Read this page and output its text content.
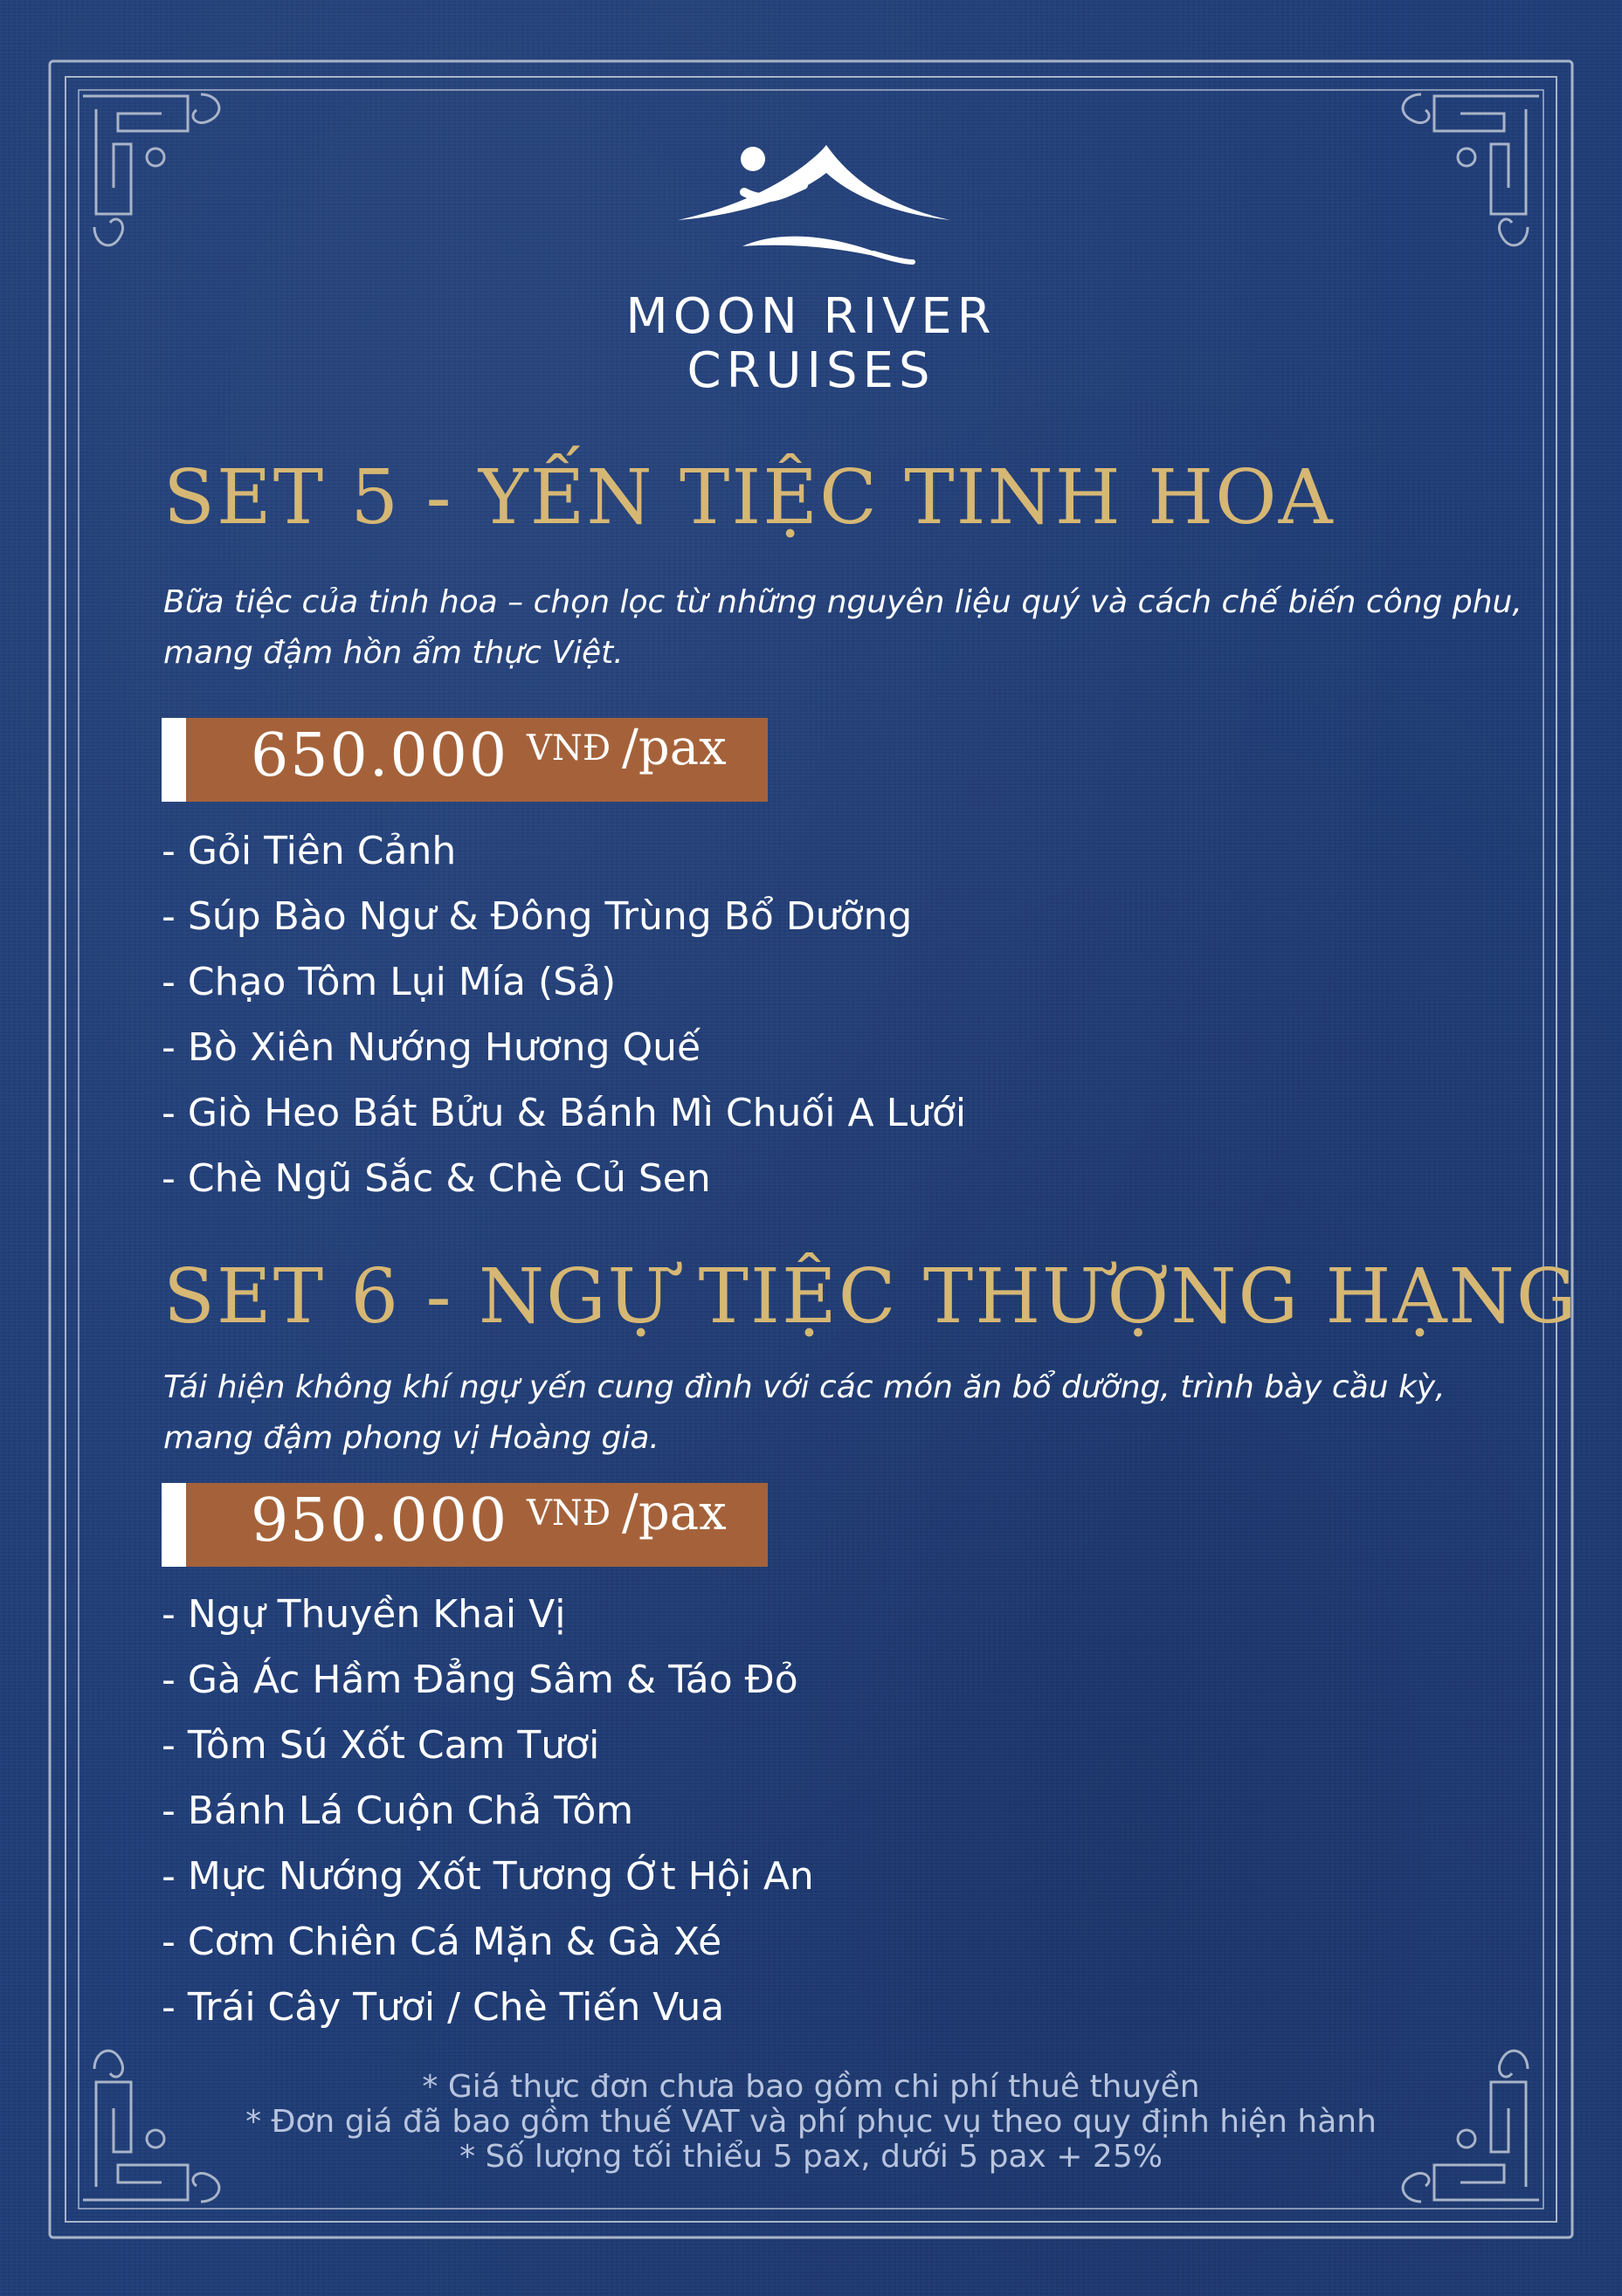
MOON RIVER
CRUISES
SET 5 - YẾN TIỆC TINH HOA

Bữa tiệc của tinh hoa – chọn lọc từ những nguyên liệu quý và cách chế biến công phu, mang đậm hồn ẩm thực Việt.

650.000 VNĐ /pax
- Gỏi Tiên Cảnh
- Súp Bào Ngư & Đông Trùng Bổ Dưỡng
- Chạo Tôm Lụi Mía (Sả)
- Bò Xiên Nướng Hương Quế
- Giò Heo Bát Bửu & Bánh Mì Chuối A Lưới
- Chè Ngũ Sắc & Chè Củ Sen
SET 6 - NGỰ TIỆC THƯỢNG HẠNG

Tái hiện không khí ngự yến cung đình với các món ăn bổ dưỡng, trình bày cầu kỳ, mang đậm phong vị Hoàng gia.

950.000 VNĐ /pax
- Ngự Thuyền Khai Vị
- Gà Ác Hầm Đẳng Sâm & Táo Đỏ
- Tôm Sú Xốt Cam Tươi
- Bánh Lá Cuộn Chả Tôm
- Mực Nướng Xốt Tương Ớt Hội An
- Cơm Chiên Cá Mặn & Gà Xé
- Trái Cây Tươi / Chè Tiến Vua
* Giá thực đơn chưa bao gồm chi phí thuê thuyền
* Đơn giá đã bao gồm thuế VAT và phí phục vụ theo quy định hiện hành
* Số lượng tối thiểu 5 pax, dưới 5 pax + 25%
